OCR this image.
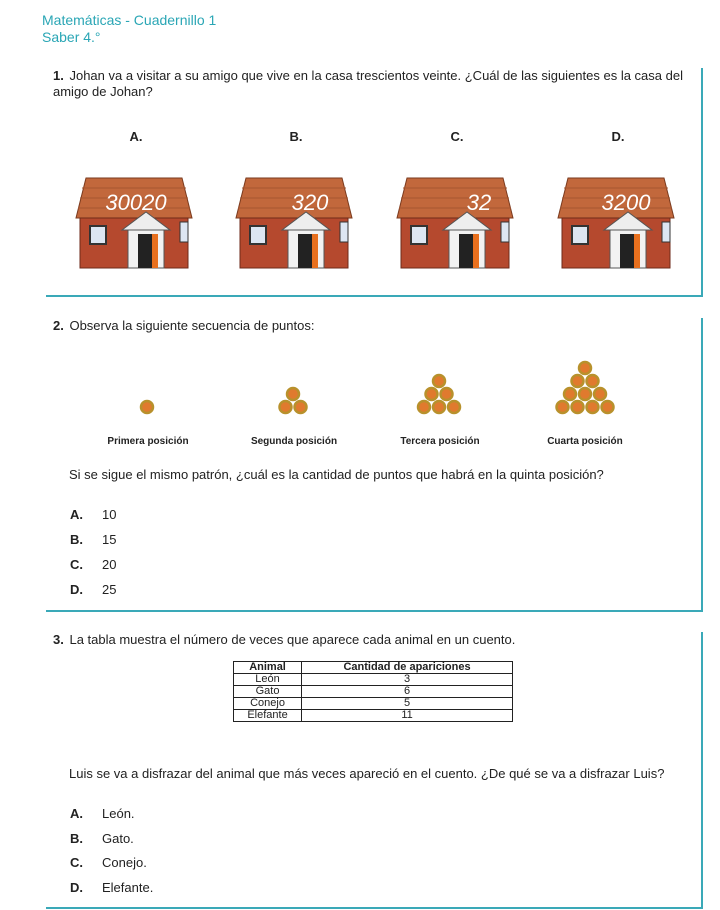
Matemáticas - Cuadernillo 1
Saber 4.°
1. Johan va a visitar a su amigo que vive en la casa trescientos veinte. ¿Cuál de las siguientes es la casa del amigo de Johan?
A.	B.	C.	D.
30020	320	32	3200
2. Observa la siguiente secuencia de puntos:
Primera posición	Segunda posición	Tercera posición	Cuarta posición
Si se sigue el mismo patrón, ¿cuál es la cantidad de puntos que habrá en la quinta posición?
A.	10
B.	15
C.	20
D.	25
3. La tabla muestra el número de veces que aparece cada animal en un cuento.
Animal	Cantidad de apariciones
León	3
Gato	6
Conejo	5
Elefante	11
Luis se va a disfrazar del animal que más veces apareció en el cuento. ¿De qué se va a disfrazar Luis?
A.	León.
B.	Gato.
C.	Conejo.
D.	Elefante.
